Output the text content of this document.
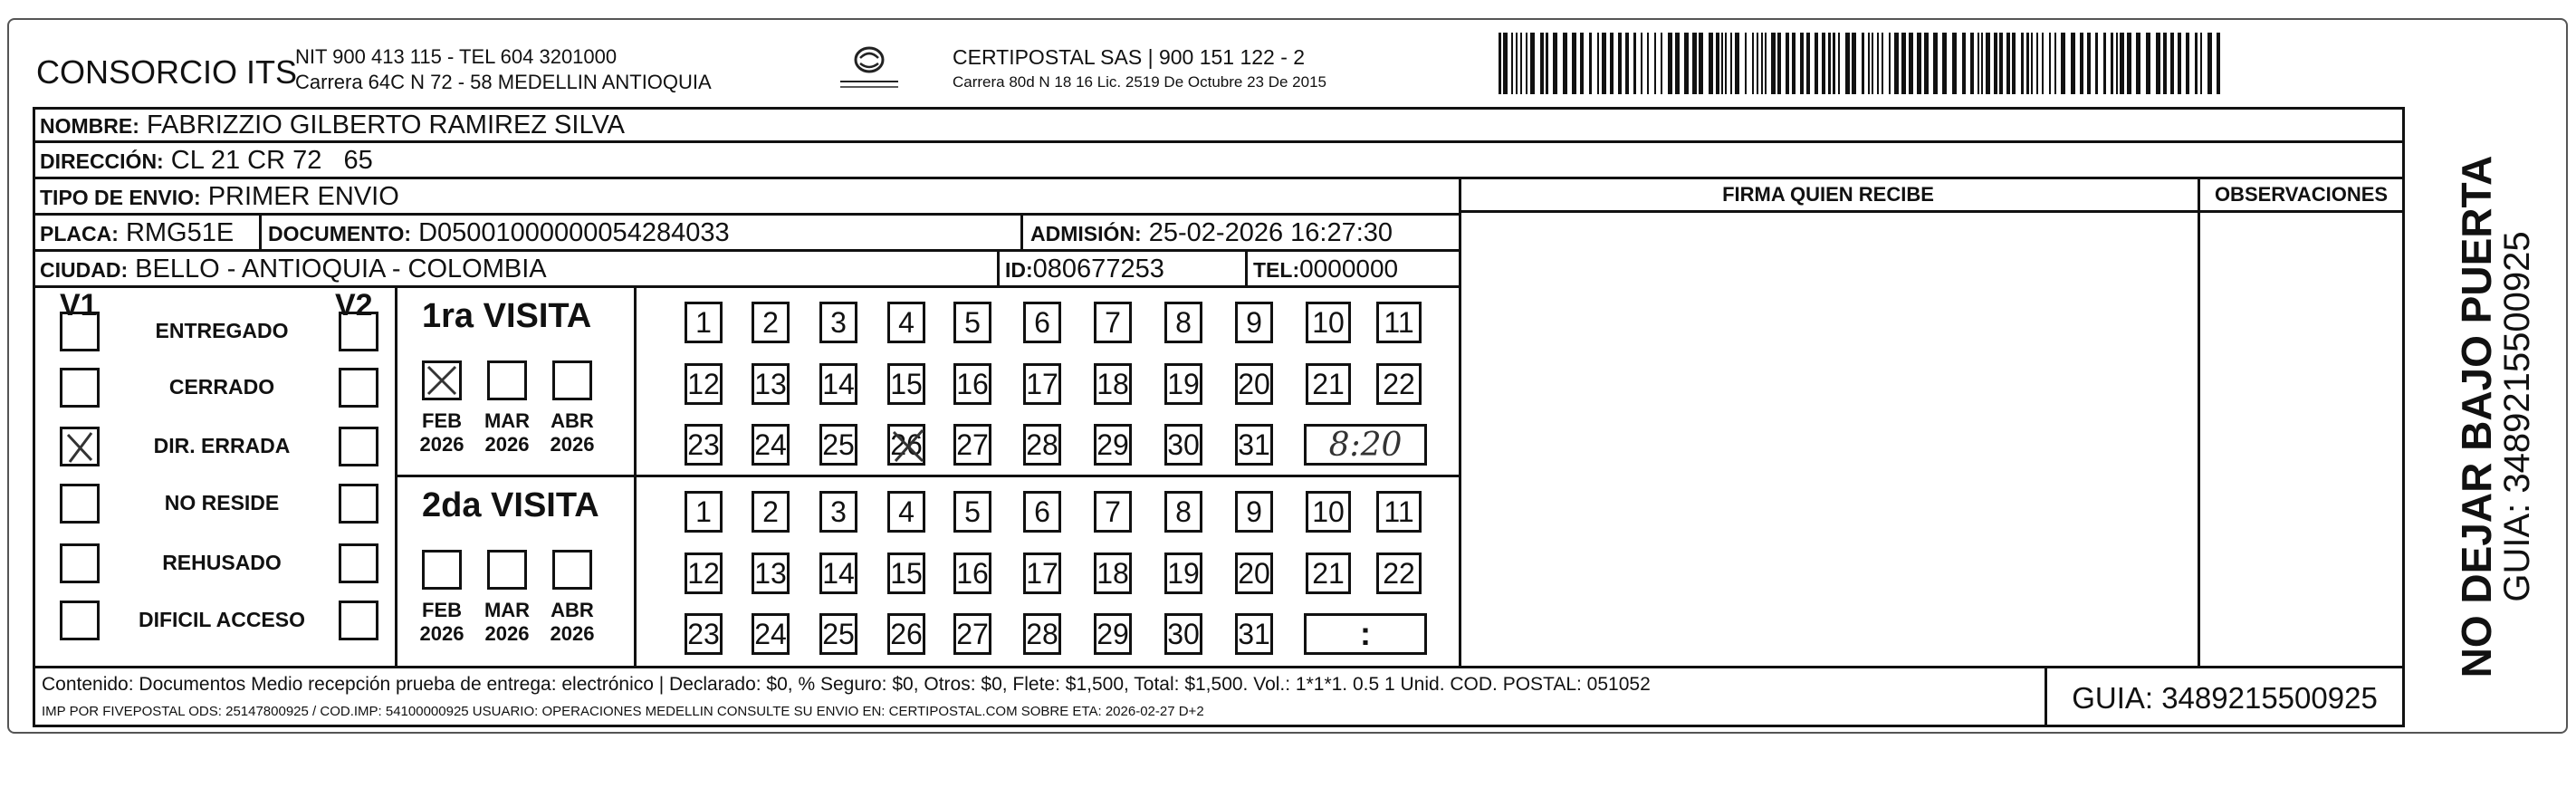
CONSORCIO ITS
NIT 900 413 115 - TEL 604 3201000
Carrera 64C N 72 - 58 MEDELLIN ANTIOQUIA
CERTIPOSTAL SAS | 900 151 122 - 2
Carrera 80d N 18 16 Lic. 2519 De Octubre 23 De 2015
NOMBRE: FABRIZZIO GILBERTO RAMIREZ SILVA
DIRECCIÓN: CL 21 CR 72   65
TIPO DE ENVIO: PRIMER ENVIO
PLACA: RMG51E DOCUMENTO: D05001000000054284033	ADMISIÓN: 25-02-2026 16:27:30
CIUDAD: BELLO - ANTIOQUIA - COLOMBIA	ID:080677253	TEL:0000000
FIRMA QUIEN RECIBE	OBSERVACIONES
V1	V2
ENTREGADO
CERRADO
DIR. ERRADA
NO RESIDE
REHUSADO
DIFICIL ACCESO
1ra VISITA
FEB
2026
MAR
2026
ABR
2026
1 2 3 4 5 6 7 8 9 10 11
12 13 14 15 16 17 18 19 20 21 22
23 24 25 26 27 28 29 30 31 8:20
2da VISITA
FEB
2026
MAR
2026
ABR
2026
1 2 3 4 5 6 7 8 9 10 11
12 13 14 15 16 17 18 19 20 21 22
23 24 25 26 27 28 29 30 31	:
Contenido: Documentos Medio recepción prueba de entrega: electrónico | Declarado: $0, % Seguro: $0, Otros: $0, Flete: $1,500, Total: $1,500. Vol.: 1*1*1. 0.5 1 Unid. COD. POSTAL: 051052
IMP POR FIVEPOSTAL ODS: 25147800925 / COD.IMP: 54100000925 USUARIO: OPERACIONES MEDELLIN CONSULTE SU ENVIO EN: CERTIPOSTAL.COM SOBRE ETA: 2026-02-27 D+2	GUIA: 3489215500925
NO DEJAR BAJO PUERTA
GUIA: 3489215500925
